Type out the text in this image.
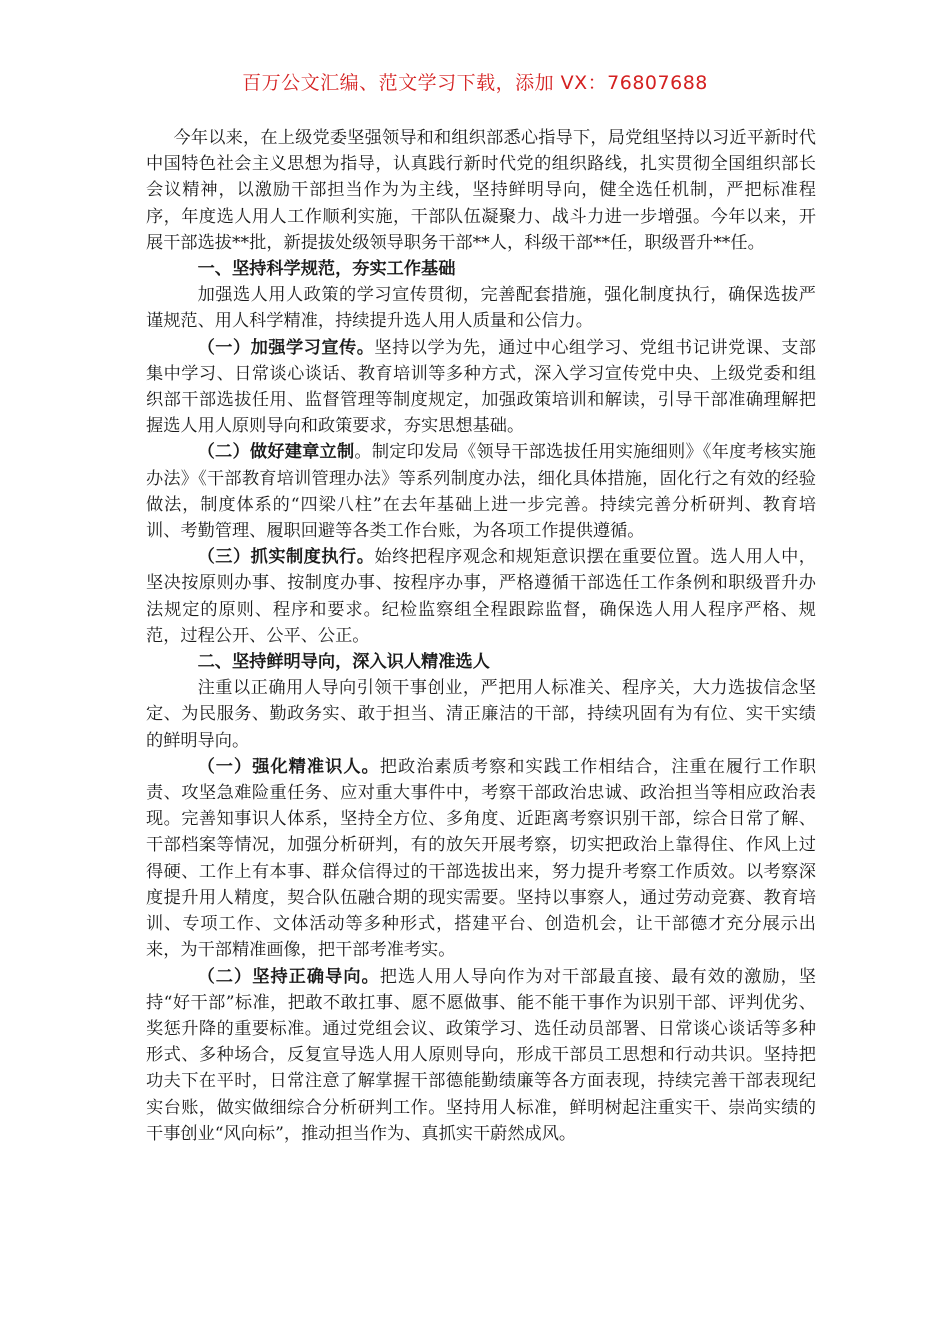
百万公文汇编、范文学习下载，添加 VX：76807688

今年以来，在上级党委坚强领导和和组织部悉心指导下，局党组坚持以习近平新时代中国特色社会主义思想为指导，认真践行新时代党的组织路线，扎实贯彻全国组织部长会议精神，以激励干部担当作为为主线，坚持鲜明导向，健全选任机制，严把标准程序，年度选人用人工作顺利实施，干部队伍凝聚力、战斗力进一步增强。今年以来，开展干部选拔**批，新提拔处级领导职务干部**人，科级干部**任，职级晋升**任。

一、坚持科学规范，夯实工作基础

加强选人用人政策的学习宣传贯彻，完善配套措施，强化制度执行，确保选拔严谨规范、用人科学精准，持续提升选人用人质量和公信力。

（一）加强学习宣传。坚持以学为先，通过中心组学习、党组书记讲党课、支部集中学习、日常谈心谈话、教育培训等多种方式，深入学习宣传党中央、上级党委和组织部干部选拔任用、监督管理等制度规定，加强政策培训和解读，引导干部准确理解把握选人用人原则导向和政策要求，夯实思想基础。

（二）做好建章立制。制定印发局《领导干部选拔任用实施细则》《年度考核实施办法》《干部教育培训管理办法》等系列制度办法，细化具体措施，固化行之有效的经验做法，制度体系的“四梁八柱”在去年基础上进一步完善。持续完善分析研判、教育培训、考勤管理、履职回避等各类工作台账，为各项工作提供遵循。

（三）抓实制度执行。始终把程序观念和规矩意识摆在重要位置。选人用人中，坚决按原则办事、按制度办事、按程序办事，严格遵循干部选任工作条例和职级晋升办法规定的原则、程序和要求。纪检监察组全程跟踪监督，确保选人用人程序严格、规范，过程公开、公平、公正。

二、坚持鲜明导向，深入识人精准选人

注重以正确用人导向引领干事创业，严把用人标准关、程序关，大力选拔信念坚定、为民服务、勤政务实、敢于担当、清正廉洁的干部，持续巩固有为有位、实干实绩的鲜明导向。

（一）强化精准识人。把政治素质考察和实践工作相结合，注重在履行工作职责、攻坚急难险重任务、应对重大事件中，考察干部政治忠诚、政治担当等相应政治表现。完善知事识人体系，坚持全方位、多角度、近距离考察识别干部，综合日常了解、干部档案等情况，加强分析研判，有的放矢开展考察，切实把政治上靠得住、作风上过得硬、工作上有本事、群众信得过的干部选拔出来，努力提升考察工作质效。以考察深度提升用人精度，契合队伍融合期的现实需要。坚持以事察人，通过劳动竞赛、教育培训、专项工作、文体活动等多种形式，搭建平台、创造机会，让干部德才充分展示出来，为干部精准画像，把干部考准考实。

（二）坚持正确导向。把选人用人导向作为对干部最直接、最有效的激励，坚持“好干部”标准，把敢不敢扛事、愿不愿做事、能不能干事作为识别干部、评判优劣、奖惩升降的重要标准。通过党组会议、政策学习、选任动员部署、日常谈心谈话等多种形式、多种场合，反复宣导选人用人原则导向，形成干部员工思想和行动共识。坚持把功夫下在平时，日常注意了解掌握干部德能勤绩廉等各方面表现，持续完善干部表现纪实台账，做实做细综合分析研判工作。坚持用人标准，鲜明树起注重实干、崇尚实绩的干事创业“风向标”，推动担当作为、真抓实干蔚然成风。
